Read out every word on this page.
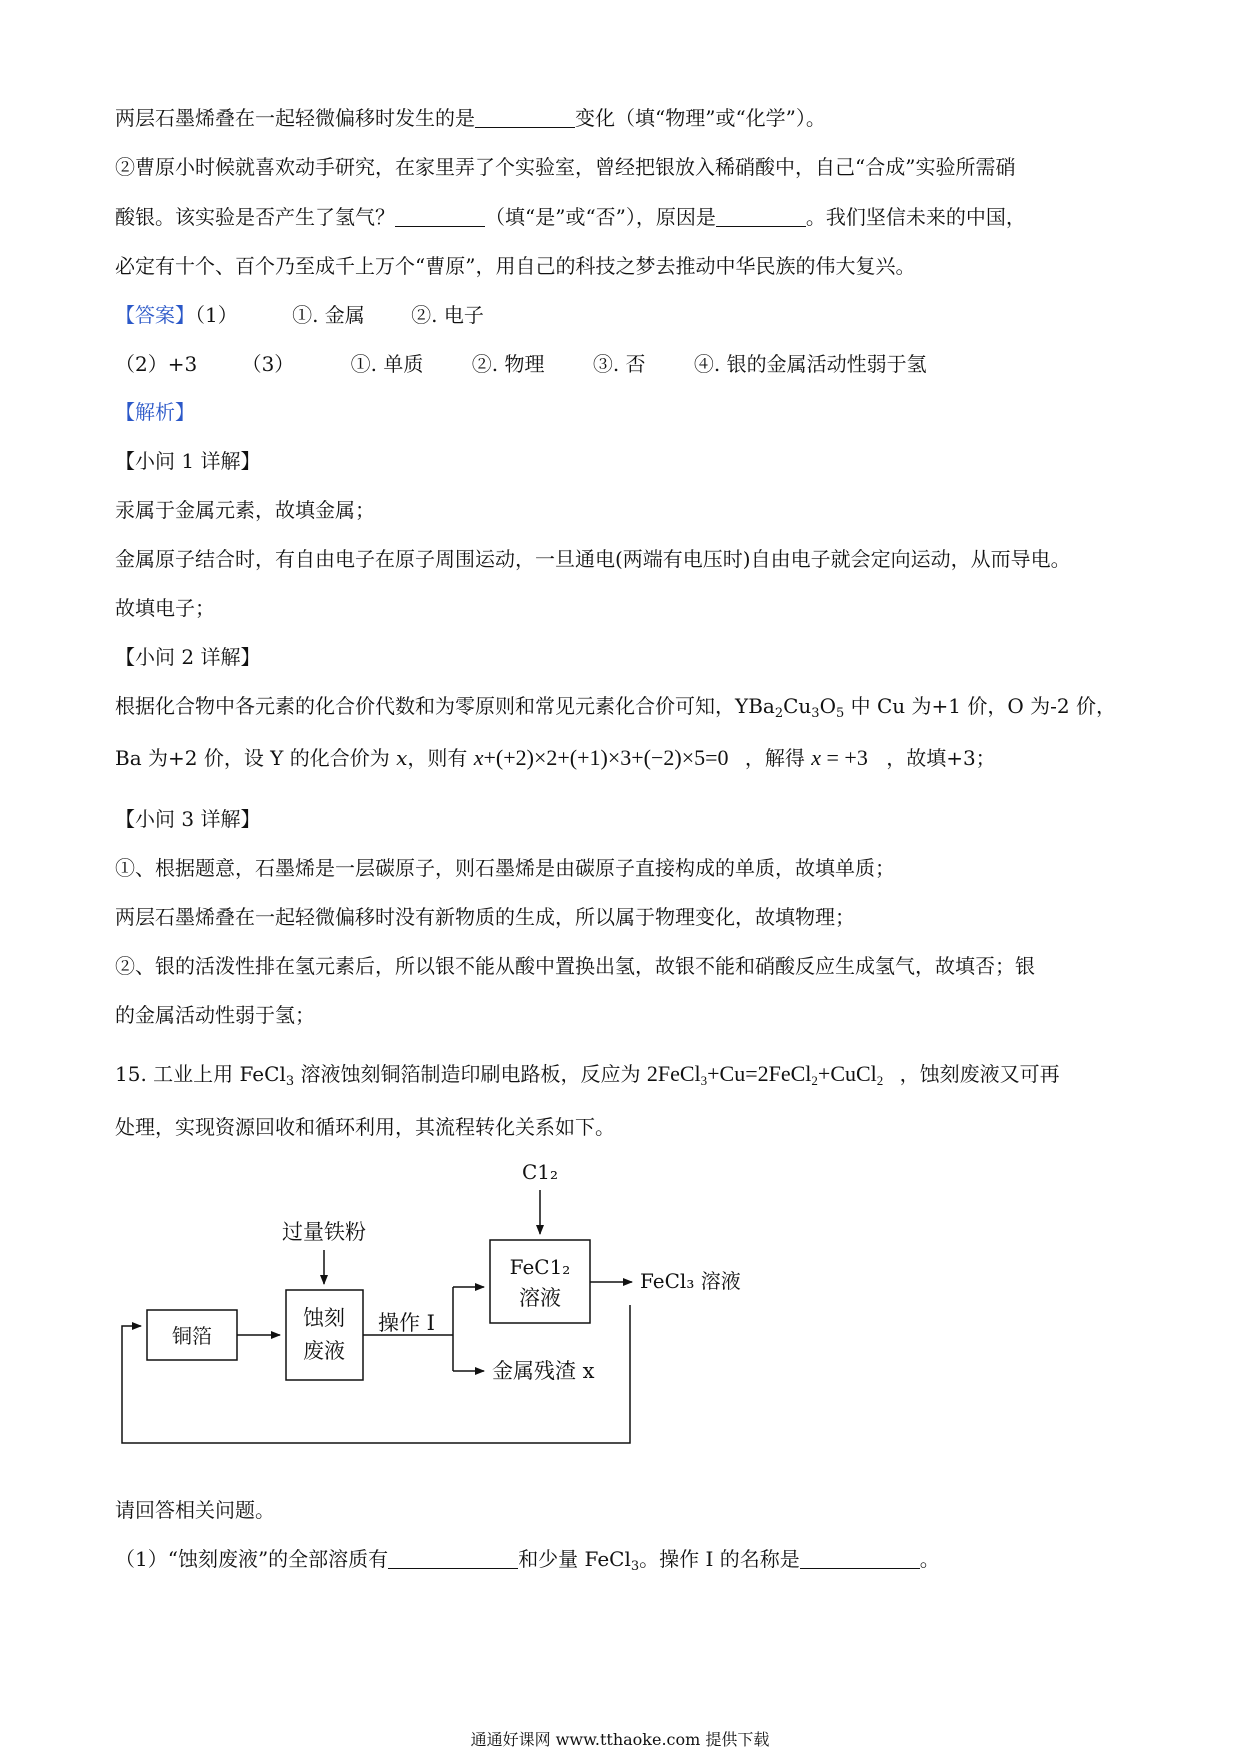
两层石墨烯叠在一起轻微偏移时发生的是	变化（填“物理”或“化学”）。
②曹原小时候就喜欢动手研究，在家里弄了个实验室，曾经把银放入稀硝酸中，自己“合成”实验所需硝
酸银。该实验是否产生了氢气？	（填“是”或“否”），原因是	。我们坚信未来的中国，
必定有十个、百个乃至成千上万个“曹原”，用自己的科技之梦去推动中华民族的伟大复兴。
【答案】（1）	①. 金属 ②. 电子
（2）+3 （3）	①. 单质 ②. 物理 ③. 否 ④. 银的金属活动性弱于氢
【解析】
【小问 1 详解】
汞属于金属元素，故填金属；
金属原子结合时，有自由电子在原子周围运动，一旦通电(两端有电压时)自由电子就会定向运动，从而导电。
故填电子；
【小问 2 详解】
根据化合物中各元素的化合价代数和为零原则和常见元素化合价可知，$YBa_2Cu_3O_5$ 中 Cu 为+1 价，O 为-2 价，
Ba 为+2 价，设 Y 的化合价为 x，则有 x+(+2)×2+(+1)×3+(−2)×5=0 ，解得 x = +3 ，故填+3；
【小问 3 详解】
①、根据题意，石墨烯是一层碳原子，则石墨烯是由碳原子直接构成的单质，故填单质；
两层石墨烯叠在一起轻微偏移时没有新物质的生成，所以属于物理变化，故填物理；
②、银的活泼性排在氢元素后，所以银不能从酸中置换出氢，故银不能和硝酸反应生成氢气，故填否；银
的金属活动性弱于氢；
15. 工业上用 FeCl$_3$ 溶液蚀刻铜箔制造印刷电路板，反应为 2FeCl$_3$+Cu=2FeCl$_2$+CuCl$_2$ ，蚀刻废液又可再
处理，实现资源回收和循环利用，其流程转化关系如下。
C1₂
过量铁粉
铜箔
蚀刻
废液
操作 I
FeC1₂
溶液
FeCl₃ 溶液
金属残渣 x
请回答相关问题。
（1）“蚀刻废液”的全部溶质有	和少量 FeCl$_3$。操作 I 的名称是	。
通通好课网 www.tthaoke.com 提供下载
